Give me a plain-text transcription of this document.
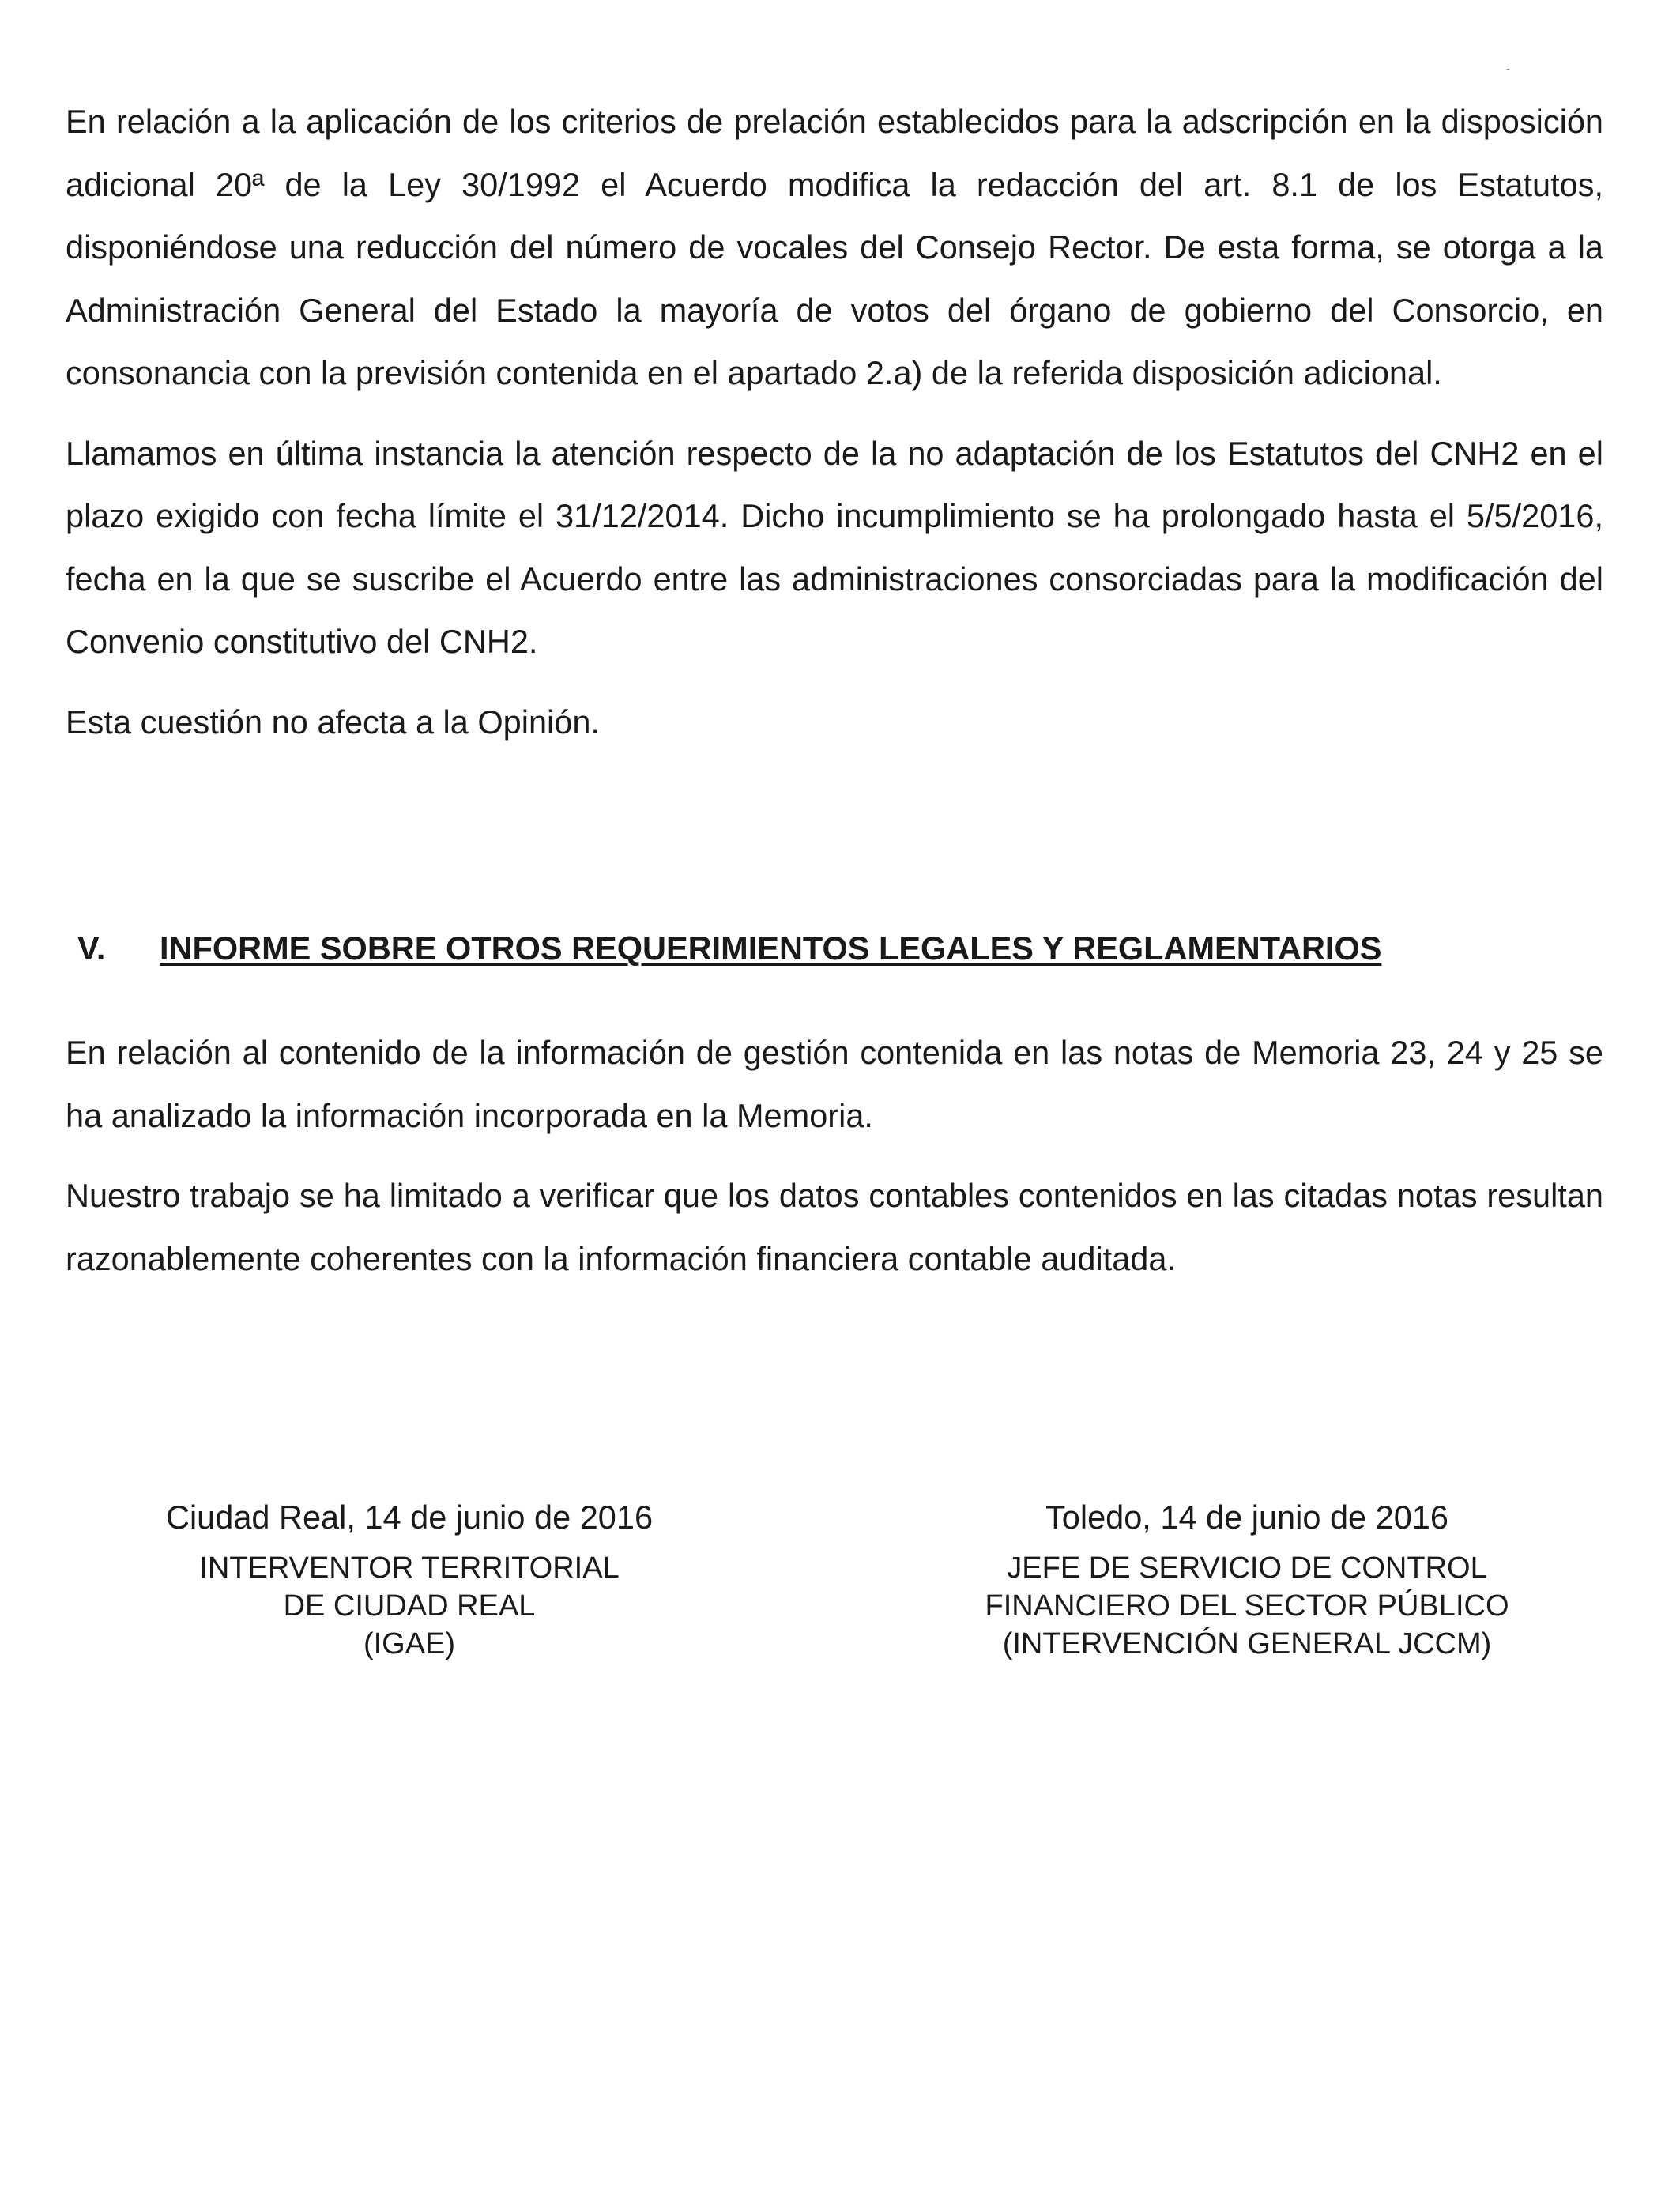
-

En relación a la aplicación de los criterios de prelación establecidos para la adscripción en la disposición adicional 20ª de la Ley 30/1992 el Acuerdo modifica la redacción del art. 8.1 de los Estatutos, disponiéndose una reducción del número de vocales del Consejo Rector. De esta forma, se otorga a la Administración General del Estado la mayoría de votos del órgano de gobierno del Consorcio, en consonancia con la previsión contenida en el apartado 2.a) de la referida disposición adicional.

Llamamos en última instancia la atención respecto de la no adaptación de los Estatutos del CNH2 en el plazo exigido con fecha límite el 31/12/2014. Dicho incumplimiento se ha prolongado hasta el 5/5/2016, fecha en la que se suscribe el Acuerdo entre las administraciones consorciadas para la modificación del Convenio constitutivo del CNH2.

Esta cuestión no afecta a la Opinión.

V.	INFORME SOBRE OTROS REQUERIMIENTOS LEGALES Y REGLAMENTARIOS

En relación al contenido de la información de gestión contenida en las notas de Memoria 23, 24 y 25 se ha analizado la información incorporada en la Memoria.

Nuestro trabajo se ha limitado a verificar que los datos contables contenidos en las citadas notas resultan razonablemente coherentes con la información financiera contable auditada.

Ciudad Real, 14 de junio de 2016

INTERVENTOR TERRITORIAL

DE CIUDAD REAL

(IGAE)

Toledo, 14 de junio de 2016

JEFE DE SERVICIO DE CONTROL

FINANCIERO DEL SECTOR PÚBLICO

(INTERVENCIÓN GENERAL JCCM)
